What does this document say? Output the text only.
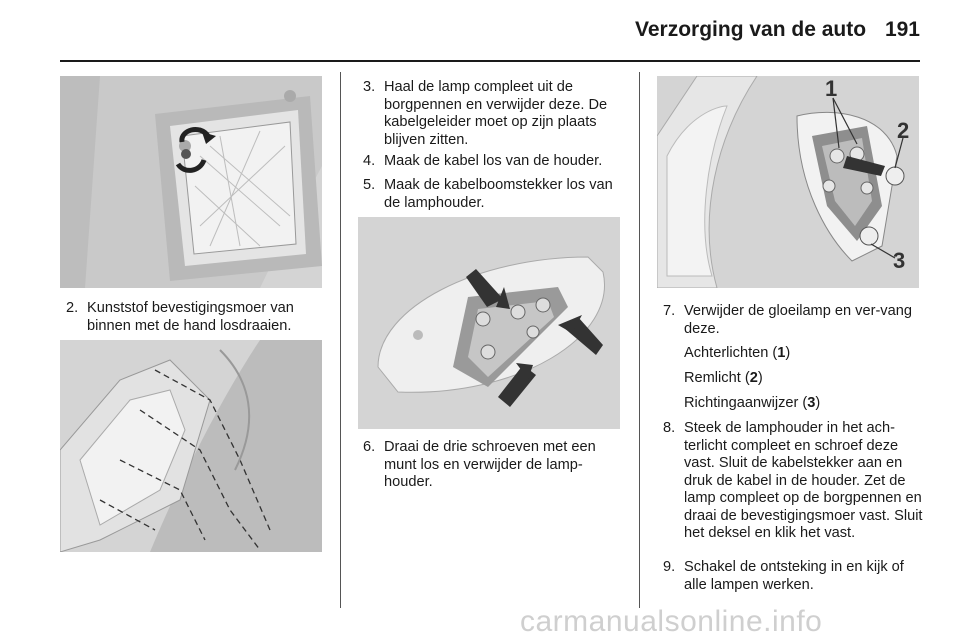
Verzorging van de auto 191
2. Kunststof bevestigingsmoer van binnen met de hand losdraaien.
3. Haal de lamp compleet uit de borgpennen en verwijder deze. De kabelgeleider moet op zijn plaats blijven zitten.
4. Maak de kabel los van de houder.
5. Maak de kabelboomstekker los van de lamphouder.
6. Draai de drie schroeven met een munt los en verwijder de lamp-houder.
1
2
3
7. Verwijder de gloeilamp en ver-vang deze.
Achterlichten (1)
Remlicht (2)
Richtingaanwijzer (3)
8. Steek de lamphouder in het ach-terlicht compleet en schroef deze vast. Sluit de kabelstekker aan en druk de kabel in de houder. Zet de lamp compleet op de borgpennen en draai de bevestigingsmoer vast. Sluit het deksel en klik het vast.
9. Schakel de ontsteking in en kijk of alle lampen werken.
carmanualsonline.info
